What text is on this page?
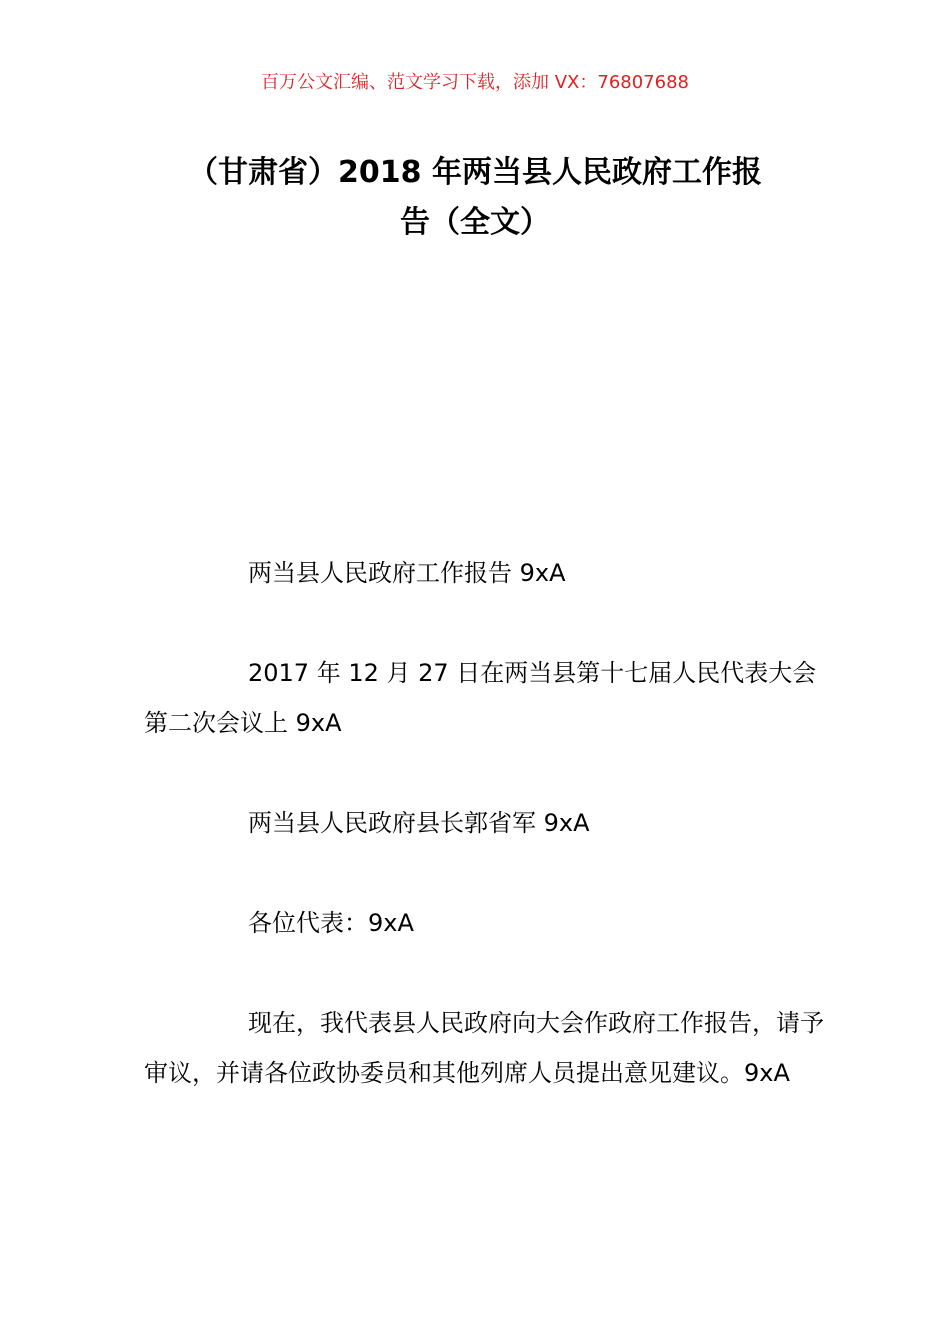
百万公文汇编、范文学习下载，添加 VX：76807688
（甘肃省）2018 年两当县人民政府工作报
告（全文）

两当县人民政府工作报告 9xA

2017 年 12 月 27 日在两当县第十七届人民代表大会第二次会议上 9xA

两当县人民政府县长郭省军 9xA

各位代表：9xA

现在，我代表县人民政府向大会作政府工作报告，请予审议，并请各位政协委员和其他列席人员提出意见建议。9xA
